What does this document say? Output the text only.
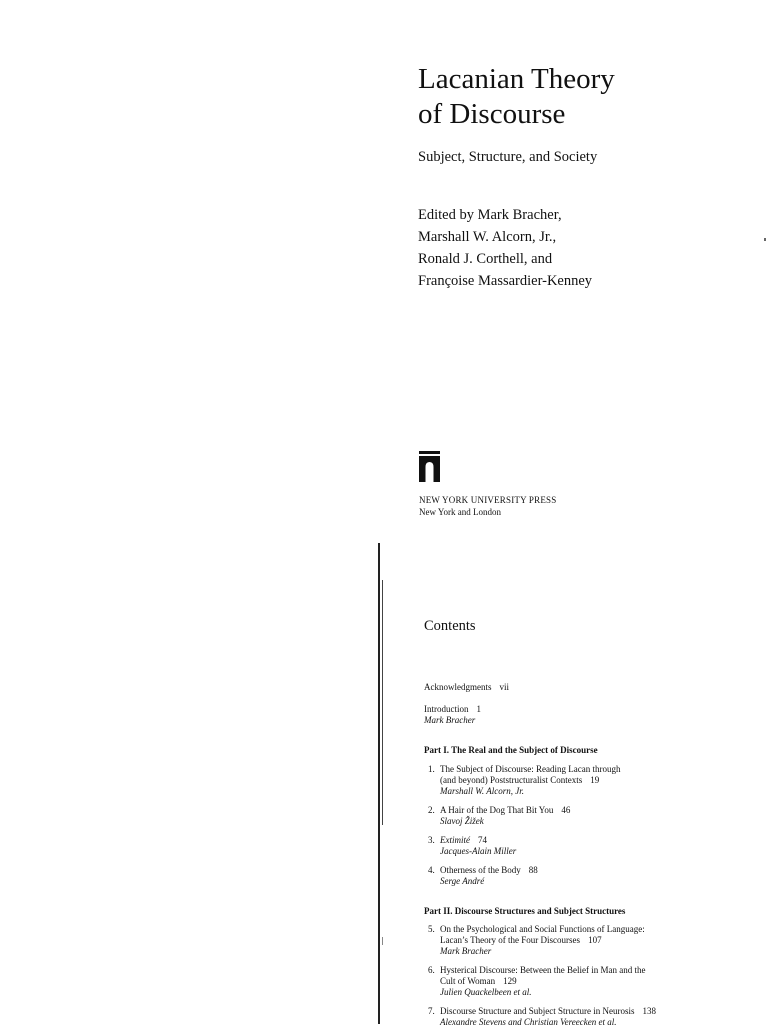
Lacanian Theory
of Discourse

Subject, Structure, and Society

Edited by Mark Bracher,
Marshall W. Alcorn, Jr.,
Ronald J. Corthell, and
Françoise Massardier-Kenney
NEW YORK UNIVERSITY PRESS
New York and London
Contents
Acknowledgments vii
Introduction 1
Mark Bracher
Part I. The Real and the Subject of Discourse
1. The Subject of Discourse: Reading Lacan through
(and beyond) Poststructuralist Contexts 19
Marshall W. Alcorn, Jr.
2. A Hair of the Dog That Bit You 46
Slavoj Žižek
3. Extimité 74
Jacques-Alain Miller
4. Otherness of the Body 88
Serge André
Part II. Discourse Structures and Subject Structures
5. On the Psychological and Social Functions of Language:
Lacan’s Theory of the Four Discourses 107
Mark Bracher
6. Hysterical Discourse: Between the Belief in Man and the
Cult of Woman 129
Julien Quackelbeen et al.
7. Discourse Structure and Subject Structure in Neurosis 138
Alexandre Stevens and Christian Vereecken et al.
